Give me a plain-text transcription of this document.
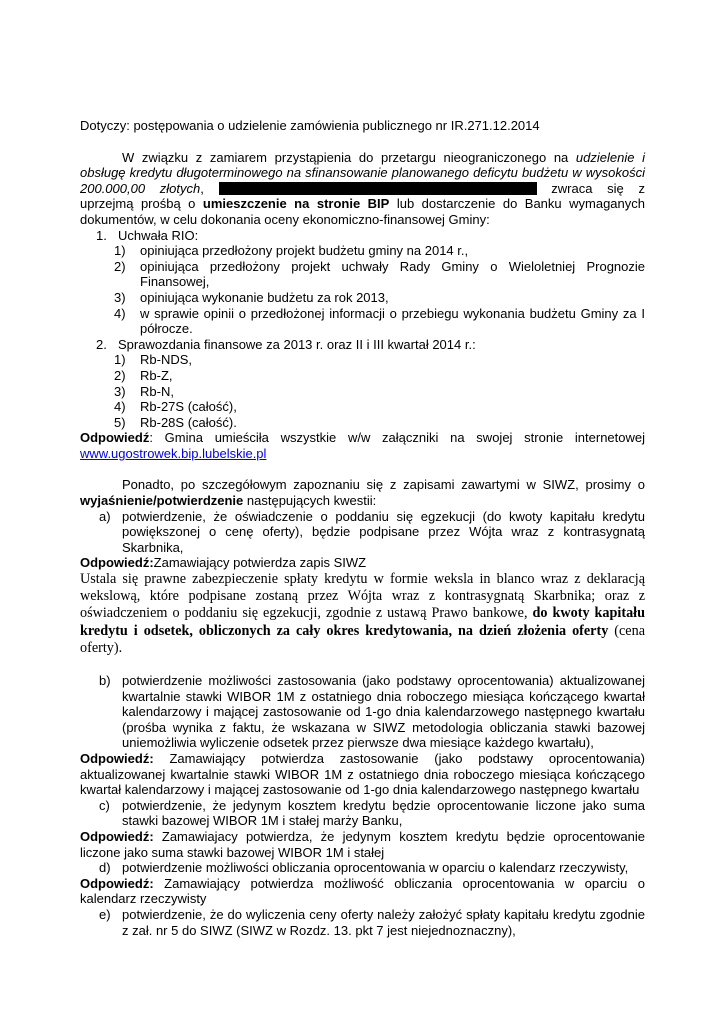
Dotyczy: postępowania o udzielenie zamówienia publicznego nr IR.271.12.2014

W związku z zamiarem przystąpienia do przetargu nieograniczonego na udzielenie i obsługę kredytu długoterminowego na sfinansowanie planowanego deficytu budżetu w wysokości 200.000,00 złotych,	zwraca się z uprzejmą prośbą o umieszczenie na stronie BIP lub dostarczenie do Banku wymaganych dokumentów, w celu dokonania oceny ekonomiczno-finansowej Gminy:

1. Uchwała RIO:
1) opiniująca przedłożony projekt budżetu gminy na 2014 r.,
2) opiniująca przedłożony projekt uchwały Rady Gminy o Wieloletniej Prognozie Finansowej,
3) opiniująca wykonanie budżetu za rok 2013,
4) w sprawie opinii o przedłożonej informacji o przebiegu wykonania budżetu Gminy za I półrocze.
2. Sprawozdania finansowe za 2013 r. oraz II i III kwartał 2014 r.:
1) Rb-NDS,
2) Rb-Z,
3) Rb-N,
4) Rb-27S (całość),
5) Rb-28S (całość).

Odpowiedź: Gmina umieściła wszystkie w/w załączniki na swojej stronie internetowej www.ugostrowek.bip.lubelskie.pl

Ponadto, po szczegółowym zapoznaniu się z zapisami zawartymi w SIWZ, prosimy o wyjaśnienie/potwierdzenie następujących kwestii:

a) potwierdzenie, że oświadczenie o poddaniu się egzekucji (do kwoty kapitału kredytu powiększonej o cenę oferty), będzie podpisane przez Wójta wraz z kontrasygnatą Skarbnika,

Odpowiedź:Zamawiający potwierdza zapis SIWZ

Ustala się prawne zabezpieczenie spłaty kredytu w formie weksla in blanco wraz z deklaracją wekslową, które podpisane zostaną przez Wójta wraz z kontrasygnatą Skarbnika; oraz z oświadczeniem o poddaniu się egzekucji, zgodnie z ustawą Prawo bankowe, do kwoty kapitału kredytu i odsetek, obliczonych za cały okres kredytowania, na dzień złożenia oferty (cena oferty).

b) potwierdzenie możliwości zastosowania (jako podstawy oprocentowania) aktualizowanej kwartalnie stawki WIBOR 1M z ostatniego dnia roboczego miesiąca kończącego kwartał kalendarzowy i mającej zastosowanie od 1-go dnia kalendarzowego następnego kwartału (prośba wynika z faktu, że wskazana w SIWZ metodologia obliczania stawki bazowej uniemożliwia wyliczenie odsetek przez pierwsze dwa miesiące każdego kwartału),

Odpowiedź: Zamawiający potwierdza zastosowanie (jako podstawy oprocentowania) aktualizowanej kwartalnie stawki WIBOR 1M z ostatniego dnia roboczego miesiąca kończącego kwartał kalendarzowy i mającej zastosowanie od 1-go dnia kalendarzowego następnego kwartału

c) potwierdzenie, że jedynym kosztem kredytu będzie oprocentowanie liczone jako suma stawki bazowej WIBOR 1M i stałej marży Banku,

Odpowiedź: Zamawiajacy potwierdza, że jedynym kosztem kredytu będzie oprocentowanie liczone jako suma stawki bazowej WIBOR 1M i stałej

d) potwierdzenie możliwości obliczania oprocentowania w oparciu o kalendarz rzeczywisty,

Odpowiedź: Zamawiający potwierdza możliwość obliczania oprocentowania w oparciu o kalendarz rzeczywisty

e) potwierdzenie, że do wyliczenia ceny oferty należy założyć spłaty kapitału kredytu zgodnie z zał. nr 5 do SIWZ (SIWZ w Rozdz. 13. pkt 7 jest niejednoznaczny),
